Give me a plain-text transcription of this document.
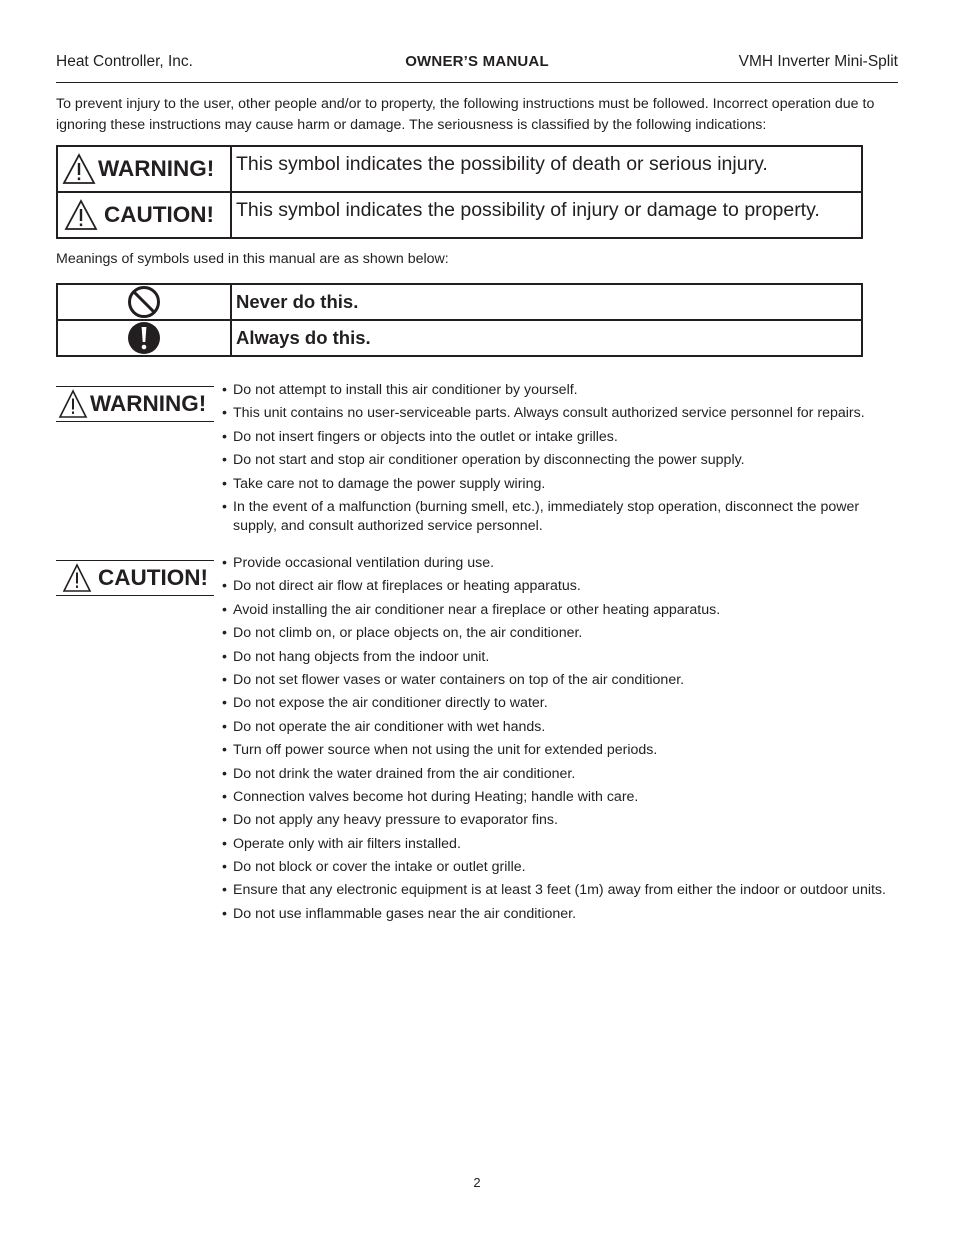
Heat Controller, Inc.	OWNER’S MANUAL	VMH Inverter Mini-Split
To prevent injury to the user, other people and/or to property, the following instructions must be followed. Incorrect operation due to ignoring these instructions may cause harm or damage. The seriousness is classified by the following indications:
WARNING!	This symbol indicates the possibility of death or serious injury.

CAUTION!	This symbol indicates the possibility of injury or damage to property.
Meanings of symbols used in this manual are as shown below:
	Never do this.

	Always do this.
WARNING!
• Do not attempt to install this air conditioner by yourself.
• This unit contains no user-serviceable parts. Always consult authorized service personnel for repairs.
• Do not insert fingers or objects into the outlet or intake grilles.
• Do not start and stop air conditioner operation by disconnecting the power supply.
• Take care not to damage the power supply wiring.
• In the event of a malfunction (burning smell, etc.), immediately stop operation, disconnect the power supply, and consult authorized service personnel.
CAUTION!
• Provide occasional ventilation during use.
• Do not direct air flow at fireplaces or heating apparatus.
• Avoid installing the air conditioner near a fireplace or other heating apparatus.
• Do not climb on, or place objects on, the air conditioner.
• Do not hang objects from the indoor unit.
• Do not set flower vases or water containers on top of the air conditioner.
• Do not expose the air conditioner directly to water.
• Do not operate the air conditioner with wet hands.
• Turn off power source when not using the unit for extended periods.
• Do not drink the water drained from the air conditioner.
• Connection valves become hot during Heating; handle with care.
• Do not apply any heavy pressure to evaporator fins.
• Operate only with air filters installed.
• Do not block or cover the intake or outlet grille.
• Ensure that any electronic equipment is at least 3 feet (1m) away from either the indoor or outdoor units.
• Do not use inflammable gases near the air conditioner.
2
